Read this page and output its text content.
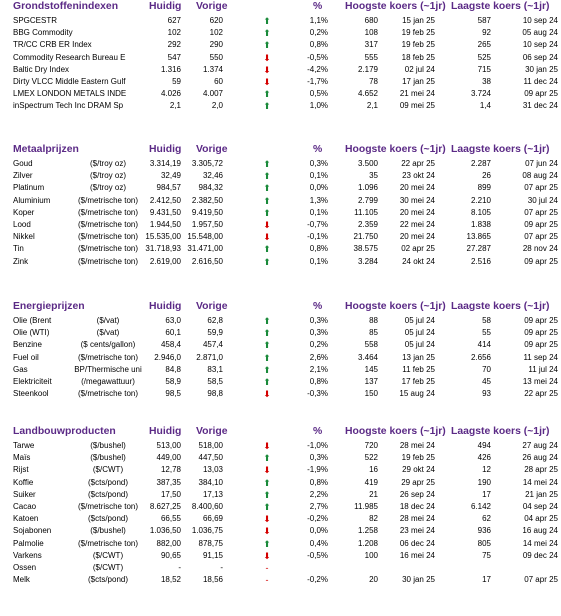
Grondstoffenindexen	Huidig Vorige	% Hoogste koers (~1jr) Laagste koers (~1jr)
SPGCESTR	627	620	1,1%	680	15 jan 25	587	10 sep 24
⬆
BBG Commodity	102	102	0,2%	108	19 feb 25	92	05 aug 24
⬆
TR/CC CRB ER Index	292	290	0,8%	317	19 feb 25	265	10 sep 24
⬆
Commodity Research Bureau E	547	550	-0,5%	555	18 feb 25	525	06 sep 24
⬇
Baltic Dry Index	1.316	1.374	-4,2%	2.179	02 jul 24	715	30 jan 25
⬇
Dirty VLCC Middle Eastern Gulf	59	60	-1,7%	78	17 jan 25	38	11 dec 24
⬇
LMEX LONDON METALS INDE	4.026	4.007	0,5%	4.652	21 mei 24	3.724	09 apr 25
⬆
inSpectrum Tech Inc DRAM Sp	2,1	2,0	1,0%	2,1	09 mei 25	1,4	31 dec 24
⬆
Metaalprijzen	Huidig Vorige	% Hoogste koers (~1jr) Laagste koers (~1jr)
Goud	($/troy oz)	3.314,19	3.305,72	0,3%	3.500	22 apr 25	2.287	07 jun 24
⬆
Zilver	($/troy oz)	32,49	32,46	0,1%	35	23 okt 24	26	08 aug 24
⬆
Platinum	($/troy oz)	984,57	984,32	0,0%	1.096	20 mei 24	899	07 apr 25
⬆
Aluminium	($/metrische ton)	2.412,50	2.382,50	1,3%	2.799	30 mei 24	2.210	30 jul 24
⬆
Koper	($/metrische ton)	9.431,50	9.419,50	0,1%	11.105	20 mei 24	8.105	07 apr 25
⬆
Lood	($/metrische ton)	1.944,50	1.957,50	-0,7%	2.359	22 mei 24	1.838	09 apr 25
⬇
Nikkel	($/metrische ton) 15.535,00 15.548,00	-0,1%	21.750	20 mei 24	13.865	07 apr 25
⬇
Tin	($/metrische ton) 31.718,93 31.471,00	0,8%	38.575	02 apr 25	27.287	28 nov 24
⬆
Zink	($/metrische ton)	2.619,00	2.616,50	0,1%	3.284	24 okt 24	2.516	09 apr 25
⬆
Energieprijzen	Huidig Vorige	% Hoogste koers (~1jr) Laagste koers (~1jr)
Olie (Brent	($/vat)	63,0	62,8	0,3%	88	05 jul 24	58	09 apr 25
⬆
Olie (WTI)	($/vat)	60,1	59,9	0,3%	85	05 jul 24	55	09 apr 25
⬆
Benzine	($ cents/gallon)	458,4	457,4	0,2%	558	05 jul 24	414	09 apr 25
⬆
Fuel oil	($/metrische ton)	2.946,0	2.871,0	2,6%	3.464	13 jan 25	2.656	11 sep 24
⬆
Gas	BP/Thermische uni	84,8	83,1	2,1%	145	11 feb 25	70	11 jul 24
⬆
Elektriciteit	(/megawattuur)	58,9	58,5	0,8%	137	17 feb 25	45	13 mei 24
⬆
Steenkool	($/metrische ton)	98,5	98,8	-0,3%	150	15 aug 24	93	22 apr 25
⬇
Landbouwproducten	Huidig Vorige	% Hoogste koers (~1jr) Laagste koers (~1jr)
Tarwe	($/bushel)	513,00	518,00	-1,0%	720	28 mei 24	494	27 aug 24
⬇
Maïs	($/bushel)	449,00	447,50	0,3%	522	19 feb 25	426	26 aug 24
⬆
Rijst	($/CWT)	12,78	13,03	-1,9%	16	29 okt 24	12	28 apr 25
⬇
Koffie	($cts/pond)	387,35	384,10	0,8%	419	29 apr 25	190	14 mei 24
⬆
Suiker	($cts/pond)	17,50	17,13	2,2%	21	26 sep 24	17	21 jan 25
⬆
Cacao	($/metrische ton)	8.627,25	8.400,60	2,7%	11.985	18 dec 24	6.142	04 sep 24
⬆
Katoen	($cts/pond)	66,55	66,69	-0,2%	82	28 mei 24	62	04 apr 25
⬇
Sojabonen	($/bushel)	1.036,50	1.036,75	0,0%	1.258	23 mei 24	936	16 aug 24
⬇
Palmolie	($/metrische ton)	882,00	878,75	0,4%	1.208	06 dec 24	805	14 mei 24
⬆
Varkens	($/CWT)	90,65	91,15	-0,5%	100	16 mei 24	75	09 dec 24
⬇
Ossen	($/CWT)	-	-	-
Melk	($cts/pond)	18,52	18,56	-0,2%	20	30 jan 25	17	07 apr 25
-
